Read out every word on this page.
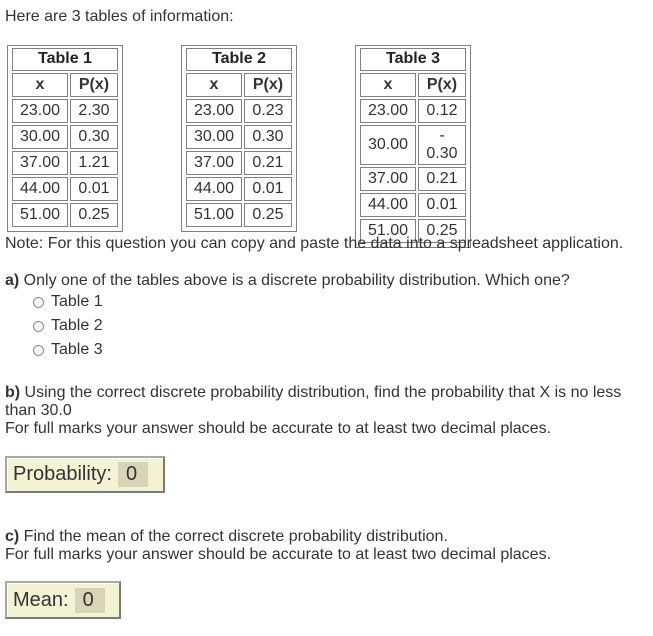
Here are 3 tables of information:
Table 1
x	P(x)
23.00	2.30
30.00	0.30
37.00	1.21
44.00	0.01
51.00	0.25
Table 2
x	P(x)
23.00	0.23
30.00	0.30
37.00	0.21
44.00	0.01
51.00	0.25
Table 3
x	P(x)
23.00	0.12
30.00	- 0.30
37.00	0.21
44.00	0.01
51.00	0.25
Note: For this question you can copy and paste the data into a spreadsheet application.
a) Only one of the tables above is a discrete probability distribution. Which one?
Table 1
Table 2
Table 3
b) Using the correct discrete probability distribution, find the probability that X is no less than 30.0
For full marks your answer should be accurate to at least two decimal places.
Probability: 0
c) Find the mean of the correct discrete probability distribution.
For full marks your answer should be accurate to at least two decimal places.
Mean: 0
